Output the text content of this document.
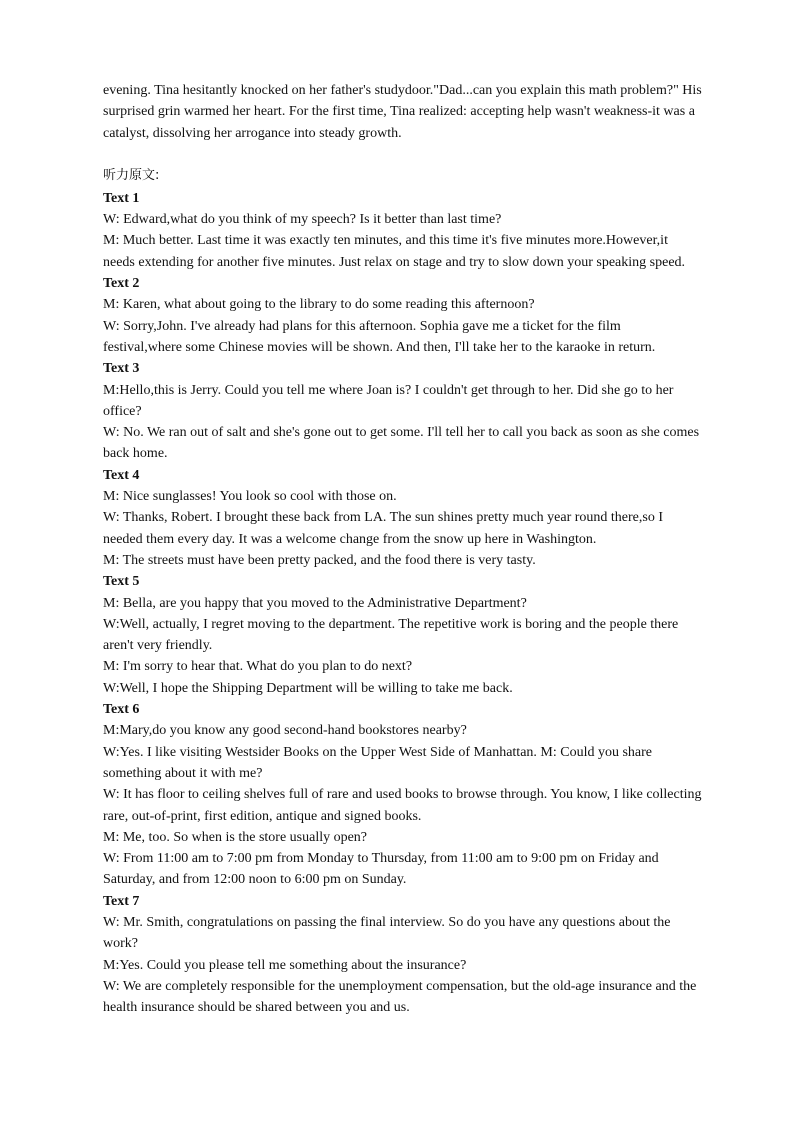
evening. Tina hesitantly knocked on her father's studydoor."Dad...can you explain this math problem?" His surprised grin warmed her heart. For the first time, Tina realized: accepting help wasn't weakness-it was a catalyst, dissolving her arrogance into steady growth.

听力原文:

Text 1

W: Edward,what do you think of my speech? Is it better than last time?

M: Much better. Last time it was exactly ten minutes, and this time it's five minutes more.However,it needs extending for another five minutes. Just relax on stage and try to slow down your speaking speed.

Text 2

M: Karen, what about going to the library to do some reading this afternoon?

W: Sorry,John. I've already had plans for this afternoon. Sophia gave me a ticket for the film festival,where some Chinese movies will be shown. And then, I'll take her to the karaoke in return.

Text 3

M:Hello,this is Jerry. Could you tell me where Joan is? I couldn't get through to her. Did she go to her office?

W: No. We ran out of salt and she's gone out to get some. I'll tell her to call you back as soon as she comes back home.

Text 4

M: Nice sunglasses! You look so cool with those on.

W: Thanks, Robert. I brought these back from LA. The sun shines pretty much year round there,so I needed them every day. It was a welcome change from the snow up here in Washington.

M: The streets must have been pretty packed, and the food there is very tasty.

Text 5

M: Bella, are you happy that you moved to the Administrative Department?

W:Well, actually, I regret moving to the department. The repetitive work is boring and the people there aren't very friendly.

M: I'm sorry to hear that. What do you plan to do next?

W:Well, I hope the Shipping Department will be willing to take me back.

Text 6

M:Mary,do you know any good second-hand bookstores nearby?

W:Yes. I like visiting Westsider Books on the Upper West Side of Manhattan. M: Could you share something about it with me?

W: It has floor to ceiling shelves full of rare and used books to browse through. You know, I like collecting rare, out-of-print, first edition, antique and signed books.

M: Me, too. So when is the store usually open?

W: From 11:00 am to 7:00 pm from Monday to Thursday, from 11:00 am to 9:00 pm on Friday and Saturday, and from 12:00 noon to 6:00 pm on Sunday.

Text 7

W: Mr. Smith, congratulations on passing the final interview. So do you have any questions about the work?

M:Yes. Could you please tell me something about the insurance?

W: We are completely responsible for the unemployment compensation, but the old-age insurance and the health insurance should be shared between you and us.
